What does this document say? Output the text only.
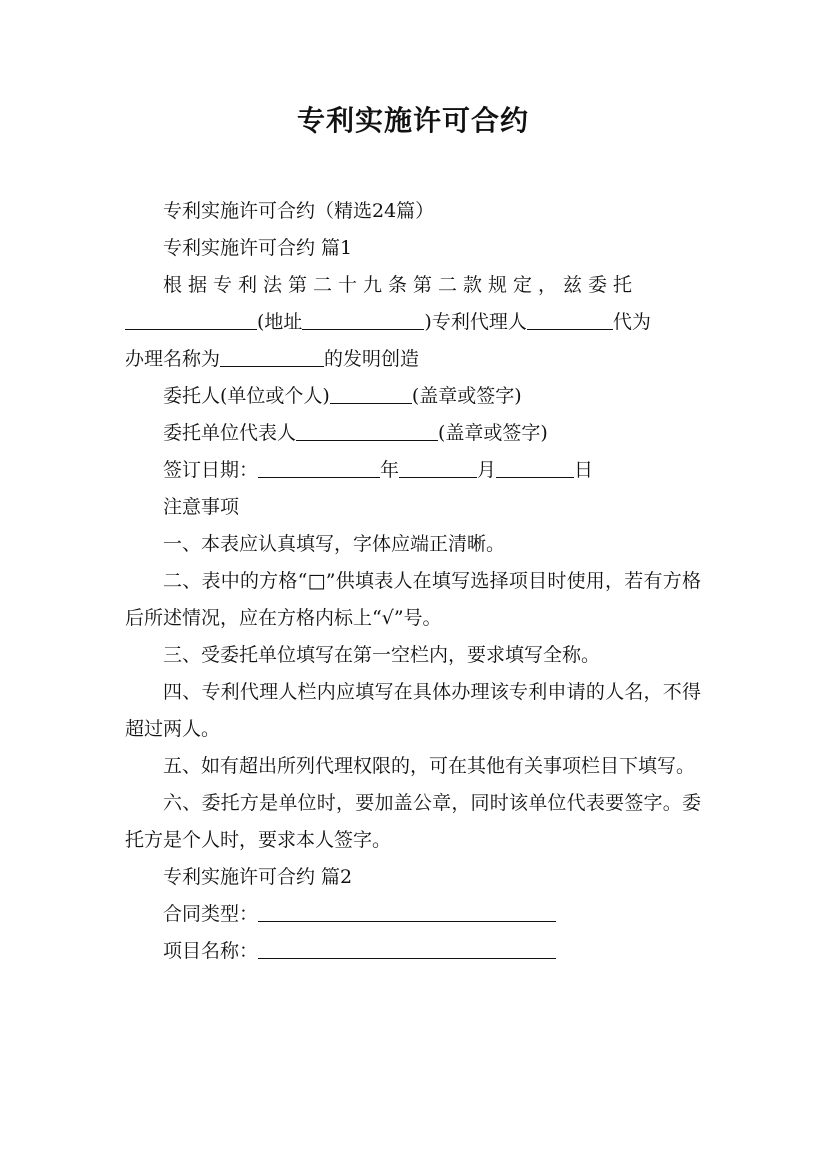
专利实施许可合约

专利实施许可合约（精选24篇）

专利实施许可合约 篇1

根据专利法第二十九条第二款规定，兹委托

(地址	)专利代理人	代为

办理名称为	的发明创造

委托人(单位或个人)	(盖章或签字)

委托单位代表人	(盖章或签字)

签订日期：	年	月	日

注意事项

一、本表应认真填写，字体应端正清晰。

二、表中的方格“□”供填表人在填写选择项目时使用，若有方格后所述情况，应在方格内标上“√”号。

三、受委托单位填写在第一空栏内，要求填写全称。

四、专利代理人栏内应填写在具体办理该专利申请的人名，不得超过两人。

五、如有超出所列代理权限的，可在其他有关事项栏目下填写。

六、委托方是单位时，要加盖公章，同时该单位代表要签字。委托方是个人时，要求本人签字。

专利实施许可合约 篇2

合同类型：

项目名称：
